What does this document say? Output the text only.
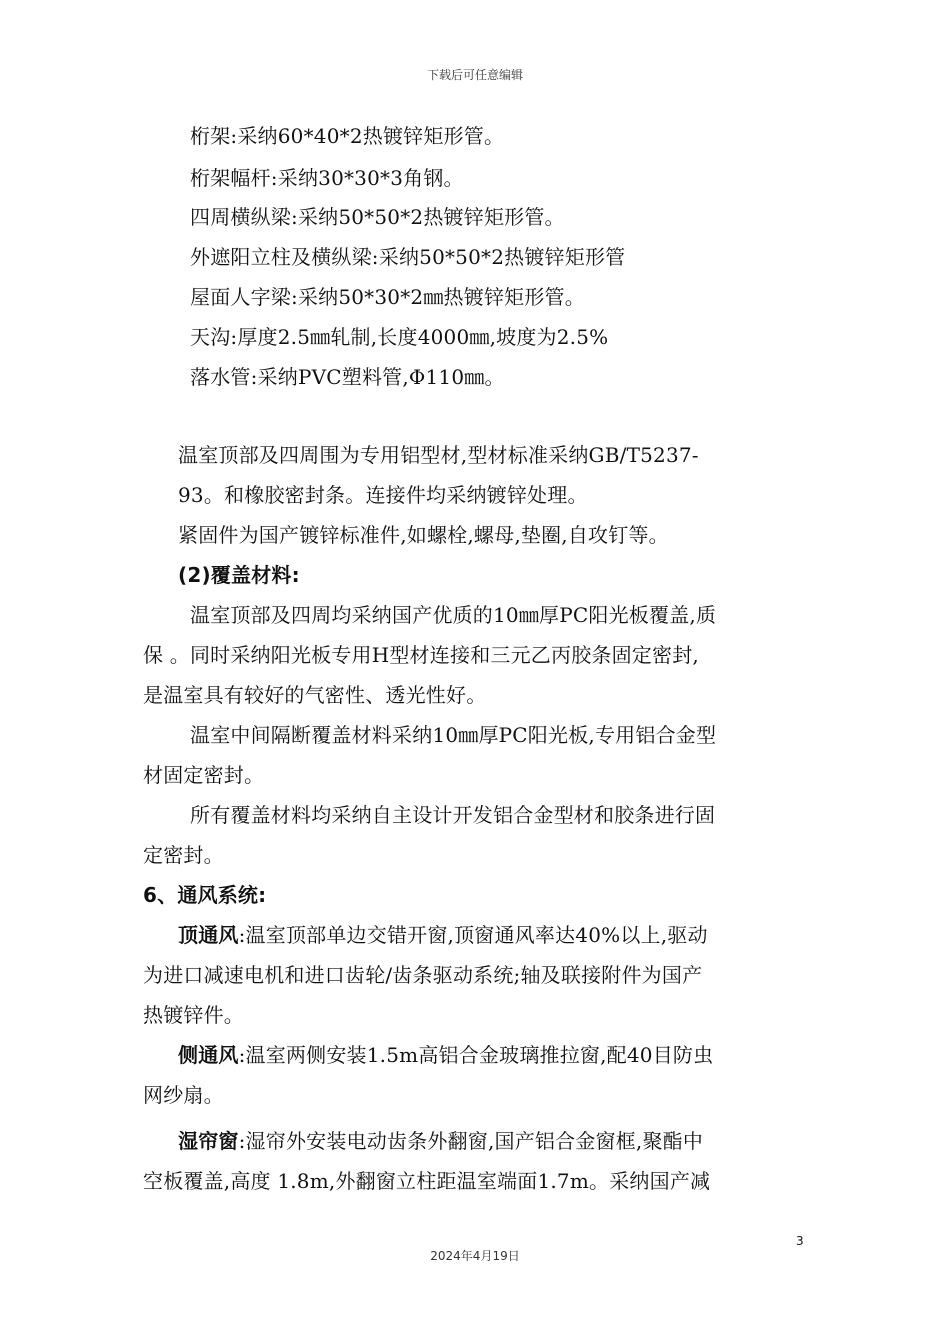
下载后可任意编辑
桁架:采纳60*40*2热镀锌矩形管。
桁架幅杆:采纳30*30*3角钢。
四周横纵梁:采纳50*50*2热镀锌矩形管。
外遮阳立柱及横纵梁:采纳50*50*2热镀锌矩形管
屋面人字梁:采纳50*30*2㎜热镀锌矩形管。
天沟:厚度2.5㎜轧制,长度4000㎜,坡度为2.5%
落水管:采纳PVC塑料管,Φ110㎜。
温室顶部及四周围为专用铝型材,型材标准采纳GB/T5237-
93。和橡胶密封条。连接件均采纳镀锌处理。
紧固件为国产镀锌标准件,如螺栓,螺母,垫圈,自攻钉等。
(2)覆盖材料:
温室顶部及四周均采纳国产优质的10㎜厚PC阳光板覆盖,质
保 。同时采纳阳光板专用H型材连接和三元乙丙胶条固定密封,
是温室具有较好的气密性、透光性好。
温室中间隔断覆盖材料采纳10㎜厚PC阳光板,专用铝合金型
材固定密封。
所有覆盖材料均采纳自主设计开发铝合金型材和胶条进行固
定密封。
6、通风系统:
顶通风:温室顶部单边交错开窗,顶窗通风率达40%以上,驱动
为进口减速电机和进口齿轮/齿条驱动系统;轴及联接附件为国产
热镀锌件。
侧通风:温室两侧安装1.5m高铝合金玻璃推拉窗,配40目防虫
网纱扇。
湿帘窗:湿帘外安装电动齿条外翻窗,国产铝合金窗框,聚酯中
空板覆盖,高度 1.8m,外翻窗立柱距温室端面1.7m。采纳国产减
3
2024年4月19日
